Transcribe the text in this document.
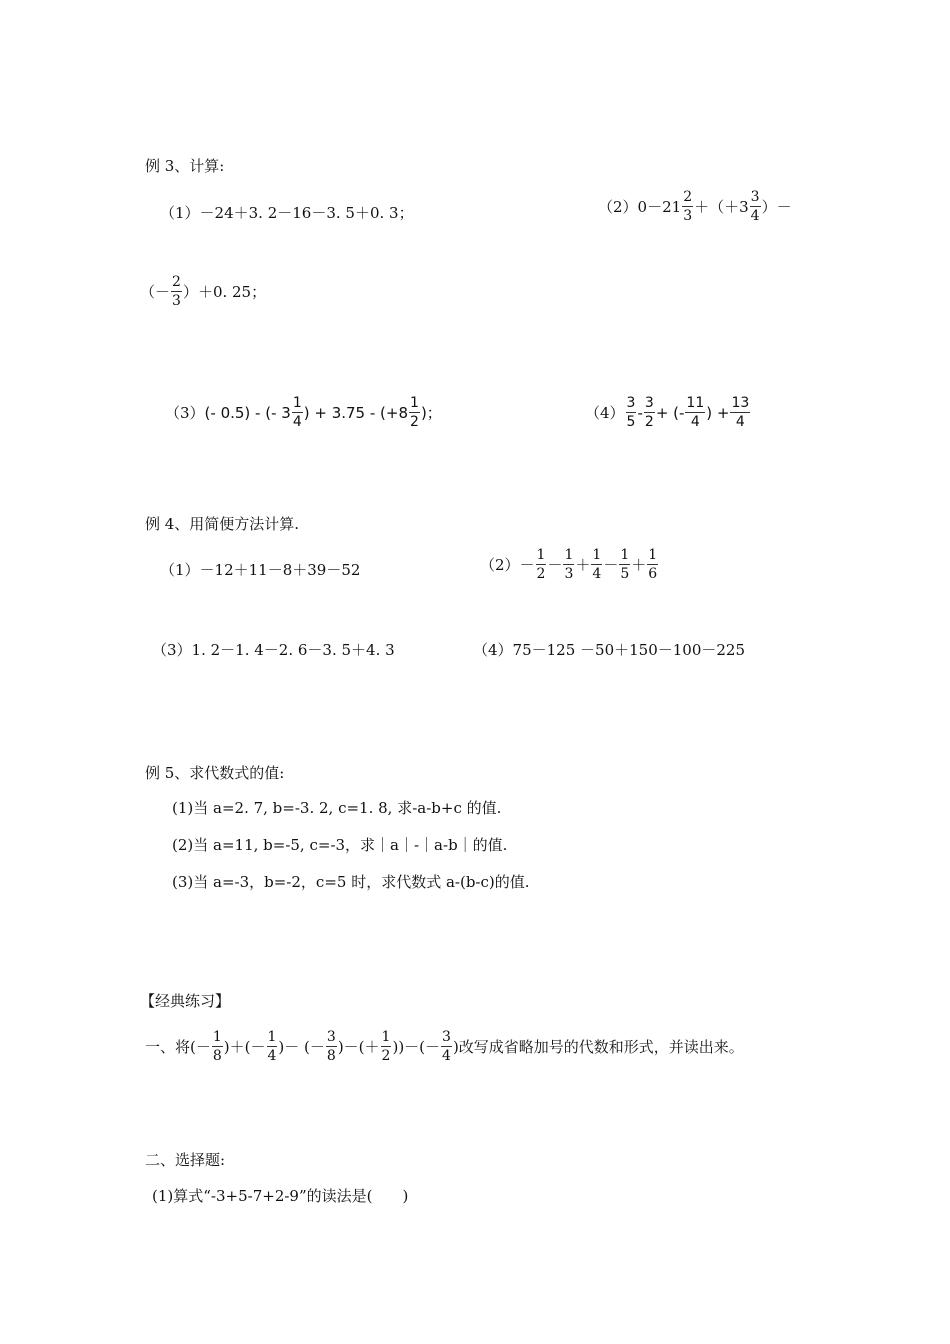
例 3、计算:
（1）－24＋3. 2－16－3. 5＋0. 3；	$(2)0-21 \frac{2}{3} +(+3 \frac{3}{4}$ ）－
（－ $\frac{2}{3} )+0$. 25；
（3） (- 0.5) - (- $3 \frac{1}{4}$ ) + $3.75 - (+8 \frac{1}{2}$ ) ；	$(4) \frac{3}{5} - \frac{3}{2}$ + (- $\frac{11}{4}$ ) + $\frac{13}{4}$
例 4、用简便方法计算.
（1）－12＋11－8＋39－52	$(2)- \frac{1}{2} - \frac{1}{3} + \frac{1}{4} - \frac{1}{5} + \frac{1}{6}$
（3）1. 2－1. 4－2. 6－3. 5＋4. 3	（4）75－125 －50＋150－100－225
例 5、求代数式的值:
(1)当 a=2. 7, b=-3. 2, c=1. 8, 求-a-b+c 的值.
(2)当 a=11, b=-5, c=-3，求｜a｜-｜a-b｜的值.
(3)当 a=-3，b=-2，c=5 时，求代数式 a-(b-c)的值.
【经典练习】
一、将(－ $\frac{1}{8}$ )＋(－ $\frac{1}{4}$ )－ (－ $\frac{3}{8}$ )－(＋ $\frac{1}{2}$ ))－(－ $\frac{3}{4}$ )改写成省略加号的代数和形式，并读出来。
二、选择题:
(1)算式“-3+5-7+2-9”的读法是(　　)
